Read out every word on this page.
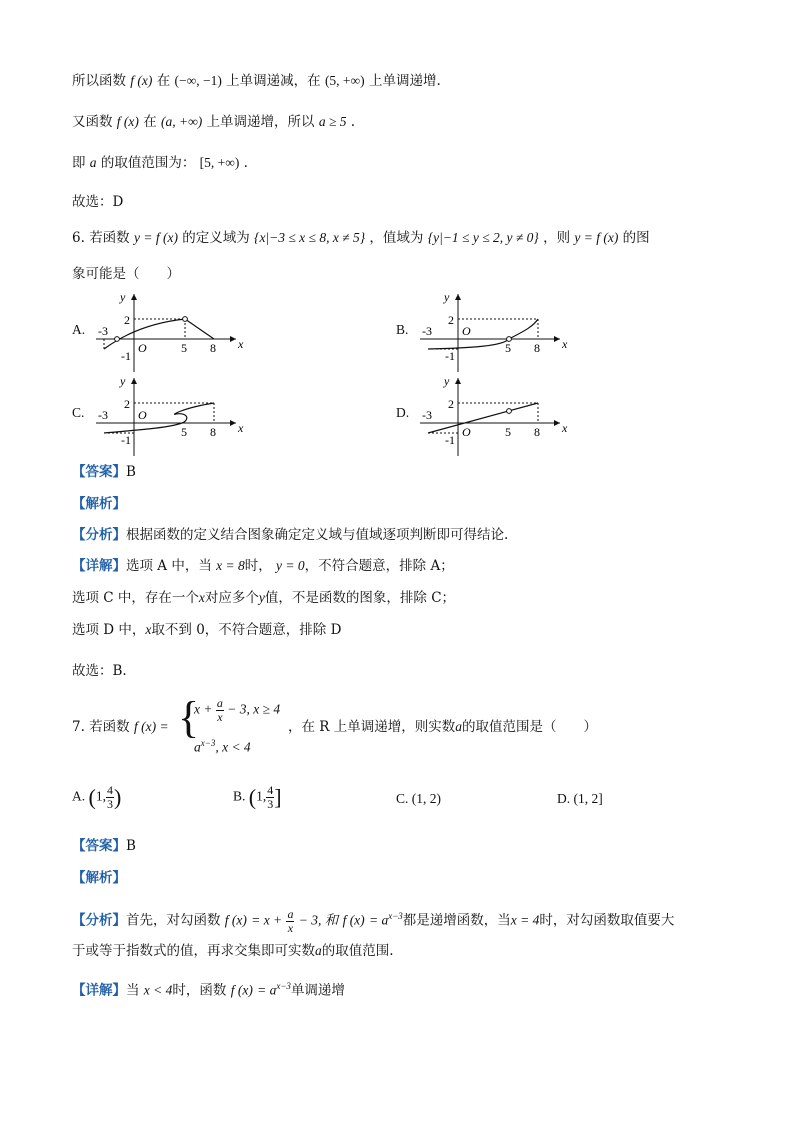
所以函数 f (x) 在 (−∞, −1) 上单调递减，在 (5, +∞) 上单调递增.
又函数 f (x) 在 (a, +∞) 上单调递增，所以 a ≥ 5 .
即 a 的取值范围为： [5, +∞) .
故选：D
6. 若函数 y = f (x) 的定义域为 {x|−3 ≤ x ≤ 8, x ≠ 5} ，值域为 {y|−1 ≤ y ≤ 2, y ≠ 0} ，则 y = f (x) 的图
象可能是（　　）
A.
y
x
-3
2
-1
O	5 8
B.
y
x
-3
2
-1
O
5 8
C.
y
x
-3
2
-1
O
5 8
D.
y
x
-3
2
-1
O	5 8
【答案】B
【解析】
【分析】根据函数的定义结合图象确定定义域与值域逐项判断即可得结论.
【详解】选项 A 中，当 x = 8时， y = 0，不符合题意，排除 A；
选项 C 中，存在一个x对应多个y值，不是函数的图象，排除 C；
选项 D 中，x取不到 0，不符合题意，排除 D
故选：B.
7. 若函数 f (x) = {
$x + \frac{a}{x} - 3$, x ≥ 4
$a^{x-3}$, x < 4
，在 R 上单调递增，则实数a的取值范围是（　　）
A. (1, $\frac{4}{3}$ )	B. (1, $\frac{4}{3}$ ]	C. (1, 2)	D. (1, 2]
【答案】B
【解析】
【分析】首先，对勾函数 f $(x) = x + \frac{a}{x} - 3$, 和 f $(x) = a^{x-3}$都是递增函数，当x = 4时，对勾函数取值要大
于或等于指数式的值，再求交集即可实数a的取值范围.
【详解】当 x < 4时，函数 f $(x) = a^{x-3}$单调递增
